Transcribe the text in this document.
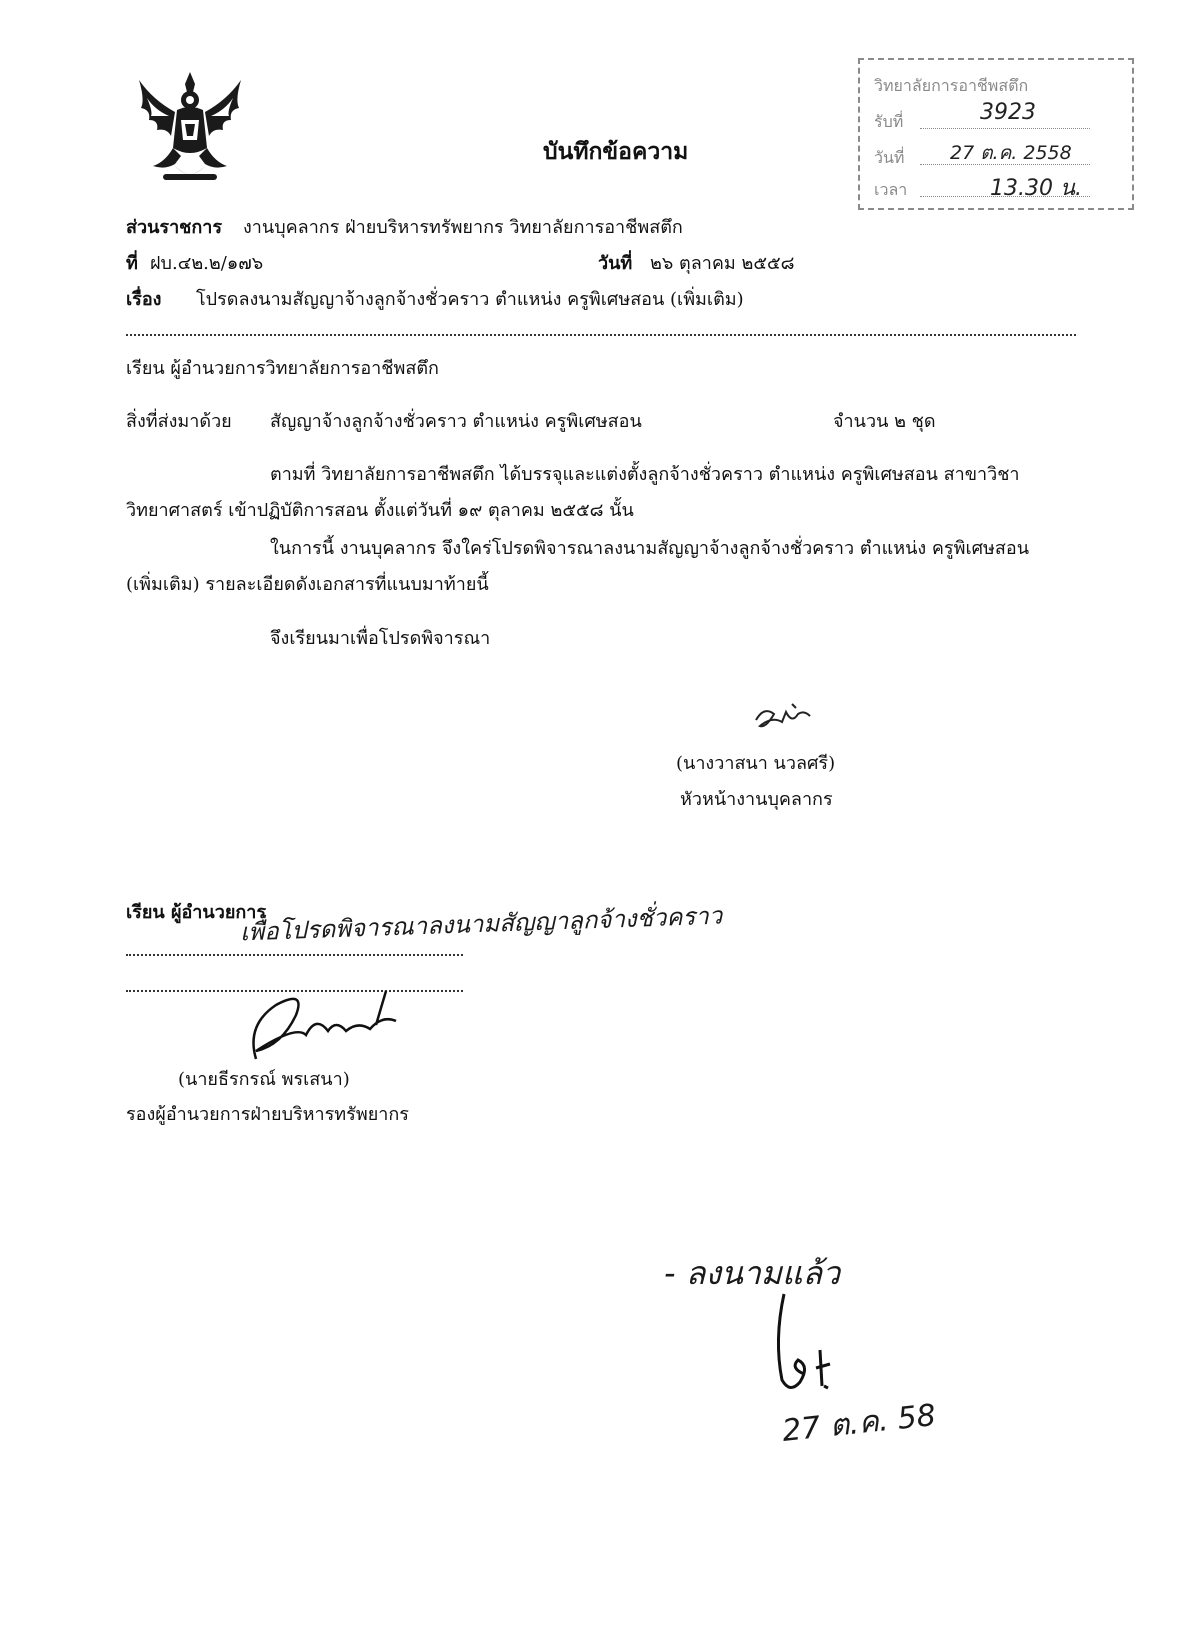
วิทยาลัยการอาชีพสตึก
รับที่	3923
วันที่ 27 ต.ค. 2558
เวลา	13.30 น.
บันทึกข้อความ
ส่วนราชการ งานบุคลากร ฝ่ายบริหารทรัพยากร วิทยาลัยการอาชีพสตึก
ที่ ฝบ.๔๒.๒/๑๗๖	วันที่ ๒๖ ตุลาคม ๒๕๕๘
เรื่อง โปรดลงนามสัญญาจ้างลูกจ้างชั่วคราว ตำแหน่ง ครูพิเศษสอน (เพิ่มเติม)
เรียน ผู้อำนวยการวิทยาลัยการอาชีพสตึก
สิ่งที่ส่งมาด้วย สัญญาจ้างลูกจ้างชั่วคราว ตำแหน่ง ครูพิเศษสอน	จำนวน ๒ ชุด
ตามที่ วิทยาลัยการอาชีพสตึก ได้บรรจุและแต่งตั้งลูกจ้างชั่วคราว ตำแหน่ง ครูพิเศษสอน สาขาวิชา
วิทยาศาสตร์ เข้าปฏิบัติการสอน ตั้งแต่วันที่ ๑๙ ตุลาคม ๒๕๕๘ นั้น
ในการนี้ งานบุคลากร จึงใคร่โปรดพิจารณาลงนามสัญญาจ้างลูกจ้างชั่วคราว ตำแหน่ง ครูพิเศษสอน
(เพิ่มเติม) รายละเอียดดังเอกสารที่แนบมาท้ายนี้
จึงเรียนมาเพื่อโปรดพิจารณา
(นางวาสนา นวลศรี)
หัวหน้างานบุคลากร
เรียน ผู้อำนวยการ
เพื่อโปรดพิจารณาลงนามสัญญาลูกจ้างชั่วคราว
(นายธีรกรณ์ พรเสนา)
รองผู้อำนวยการฝ่ายบริหารทรัพยากร
- ลงนามแล้ว
27 ต.ค. 58
